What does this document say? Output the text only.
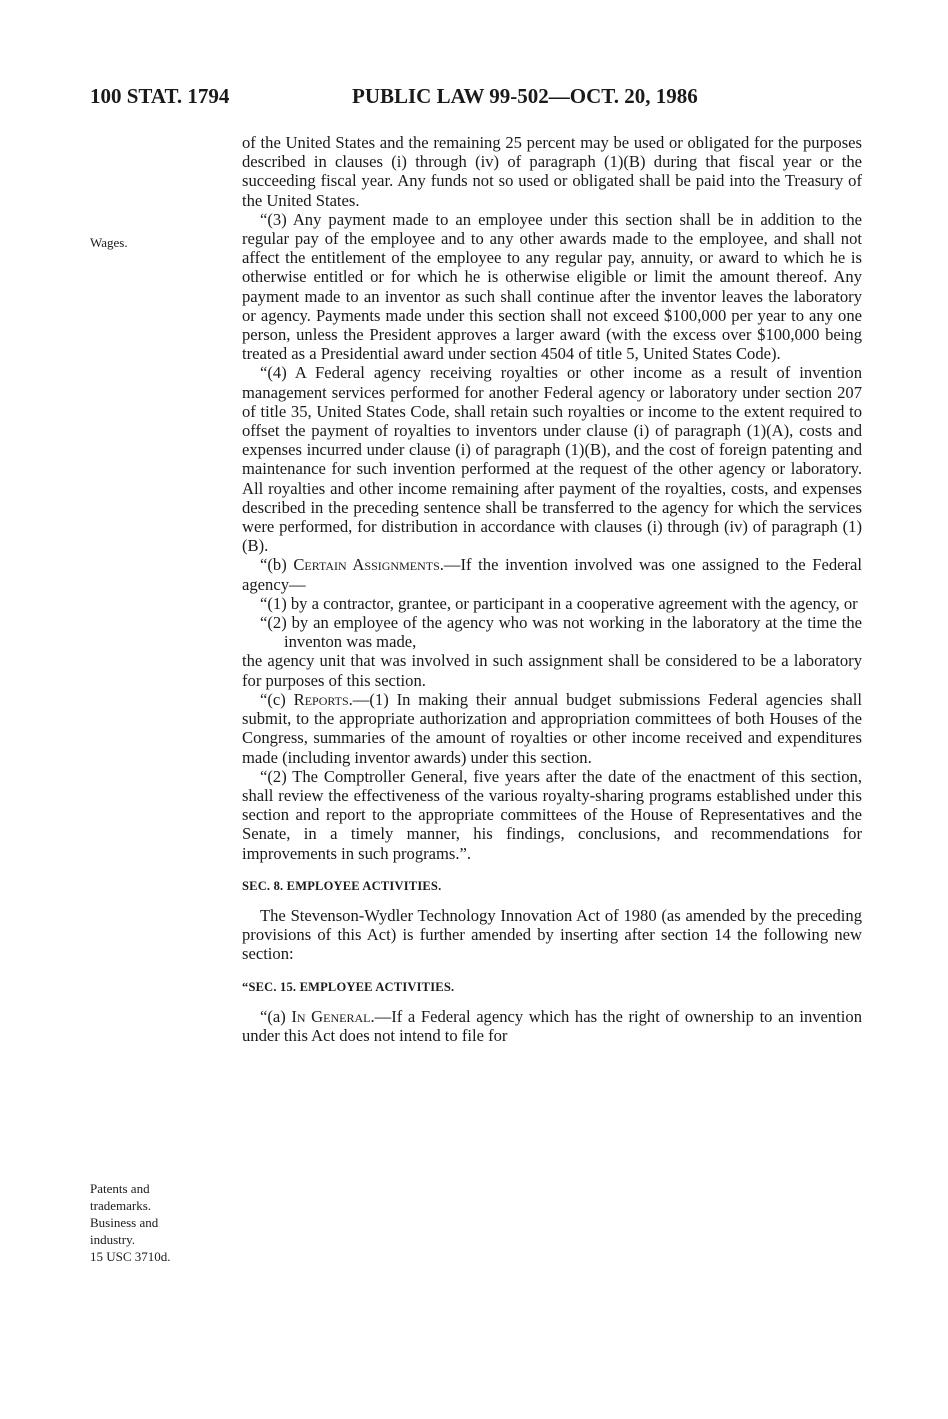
100 STAT. 1794	PUBLIC LAW 99-502—OCT. 20, 1986
Wages.
Patents and
trademarks.
Business and
industry.
15 USC 3710d.

of the United States and the remaining 25 percent may be used or obligated for the purposes described in clauses (i) through (iv) of paragraph (1)(B) during that fiscal year or the succeeding fiscal year. Any funds not so used or obligated shall be paid into the Treasury of the United States.

“(3) Any payment made to an employee under this section shall be in addition to the regular pay of the employee and to any other awards made to the employee, and shall not affect the entitlement of the employee to any regular pay, annuity, or award to which he is otherwise entitled or for which he is otherwise eligible or limit the amount thereof. Any payment made to an inventor as such shall continue after the inventor leaves the laboratory or agency. Payments made under this section shall not exceed $100,000 per year to any one person, unless the President approves a larger award (with the excess over $100,000 being treated as a Presidential award under section 4504 of title 5, United States Code).

“(4) A Federal agency receiving royalties or other income as a result of invention management services performed for another Federal agency or laboratory under section 207 of title 35, United States Code, shall retain such royalties or income to the extent required to offset the payment of royalties to inventors under clause (i) of paragraph (1)(A), costs and expenses incurred under clause (i) of paragraph (1)(B), and the cost of foreign patenting and maintenance for such invention performed at the request of the other agency or laboratory. All royalties and other income remaining after payment of the royalties, costs, and expenses described in the preceding sentence shall be transferred to the agency for which the services were performed, for distribution in accordance with clauses (i) through (iv) of paragraph (1)(B).

“(b) Certain Assignments.—If the invention involved was one assigned to the Federal agency—

“(1) by a contractor, grantee, or participant in a cooperative agreement with the agency, or

“(2) by an employee of the agency who was not working in the laboratory at the time the inventon was made,

the agency unit that was involved in such assignment shall be considered to be a laboratory for purposes of this section.

“(c) Reports.—(1) In making their annual budget submissions Federal agencies shall submit, to the appropriate authorization and appropriation committees of both Houses of the Congress, summaries of the amount of royalties or other income received and expenditures made (including inventor awards) under this section.

“(2) The Comptroller General, five years after the date of the enactment of this section, shall review the effectiveness of the various royalty-sharing programs established under this section and report to the appropriate committees of the House of Representatives and the Senate, in a timely manner, his findings, conclusions, and recommendations for improvements in such programs.”.

SEC. 8. EMPLOYEE ACTIVITIES.

The Stevenson-Wydler Technology Innovation Act of 1980 (as amended by the preceding provisions of this Act) is further amended by inserting after section 14 the following new section:

“SEC. 15. EMPLOYEE ACTIVITIES.

“(a) In General.—If a Federal agency which has the right of ownership to an invention under this Act does not intend to file for
